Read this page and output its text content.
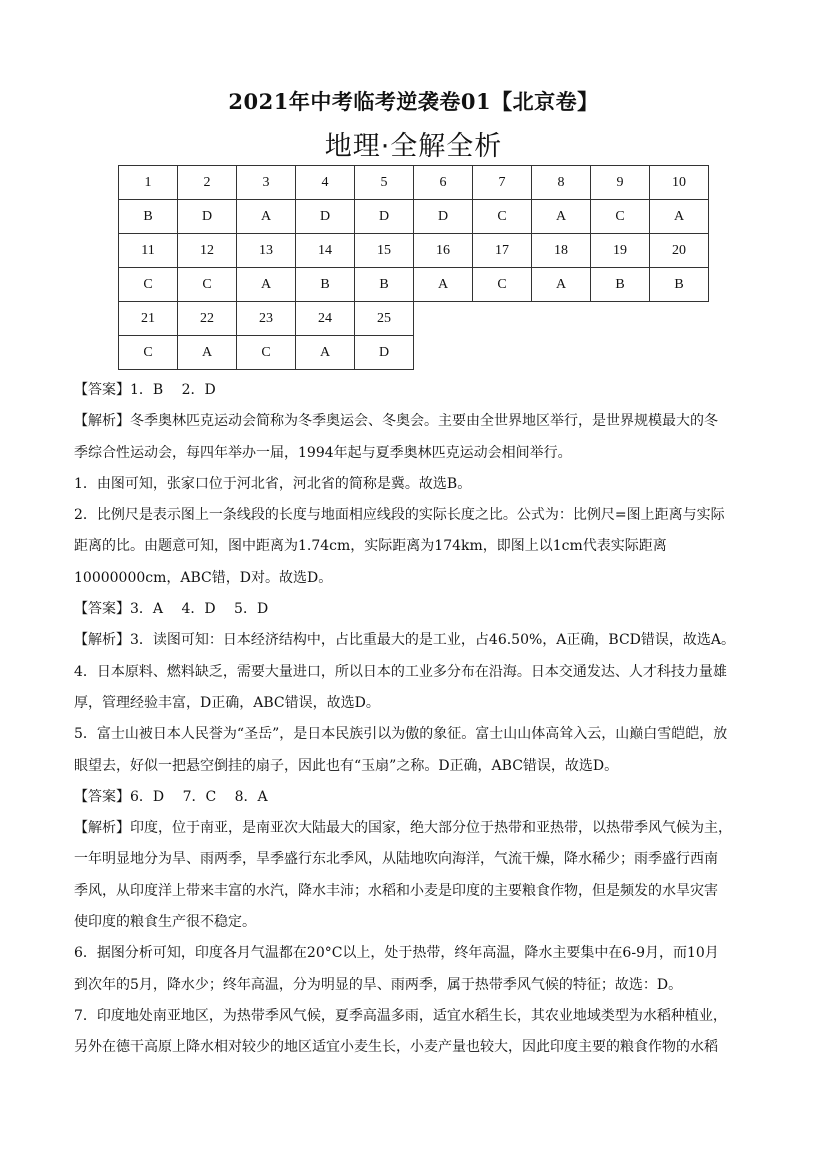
2021年中考临考逆袭卷01【北京卷】
地理·全解全析
1	2	3	4	5	6	7	8	9	10
B	D	A	D	D	D	C	A	C	A
11	12	13	14	15	16	17	18	19	20
C	C	A	B	B	A	C	A	B	B
21	22	23	24	25					
C	A	C	A	D					

【答案】1．B　 2．D

【解析】冬季奥林匹克运动会简称为冬季奥运会、冬奥会。主要由全世界地区举行，是世界规模最大的冬

季综合性运动会，每四年举办一届，1994年起与夏季奥林匹克运动会相间举行。

1．由图可知，张家口位于河北省，河北省的简称是冀。故选B。

2．比例尺是表示图上一条线段的长度与地面相应线段的实际长度之比。公式为：比例尺=图上距离与实际

距离的比。由题意可知，图中距离为1.74cm，实际距离为174km，即图上以1cm代表实际距离

10000000cm，ABC错，D对。故选D。

【答案】3．A　 4．D　 5．D

【解析】3．读图可知：日本经济结构中，占比重最大的是工业，占46.50%，A正确，BCD错误，故选A。

4．日本原料、燃料缺乏，需要大量进口，所以日本的工业多分布在沿海。日本交通发达、人才科技力量雄

厚，管理经验丰富，D正确，ABC错误，故选D。

5．富士山被日本人民誉为“圣岳”，是日本民族引以为傲的象征。富士山山体高耸入云，山巅白雪皑皑，放

眼望去，好似一把悬空倒挂的扇子，因此也有“玉扇”之称。D正确，ABC错误，故选D。

【答案】6．D　 7．C　 8．A

【解析】印度，位于南亚，是南亚次大陆最大的国家，绝大部分位于热带和亚热带，以热带季风气候为主，

一年明显地分为旱、雨两季，旱季盛行东北季风，从陆地吹向海洋，气流干燥，降水稀少；雨季盛行西南

季风，从印度洋上带来丰富的水汽，降水丰沛；水稻和小麦是印度的主要粮食作物，但是频发的水旱灾害

使印度的粮食生产很不稳定。

6．据图分析可知，印度各月气温都在20°C以上，处于热带，终年高温，降水主要集中在6-9月，而10月

到次年的5月，降水少；终年高温，分为明显的旱、雨两季，属于热带季风气候的特征；故选：D。

7．印度地处南亚地区，为热带季风气候，夏季高温多雨，适宜水稻生长，其农业地域类型为水稻种植业，

另外在德干高原上降水相对较少的地区适宜小麦生长，小麦产量也较大，因此印度主要的粮食作物的水稻
